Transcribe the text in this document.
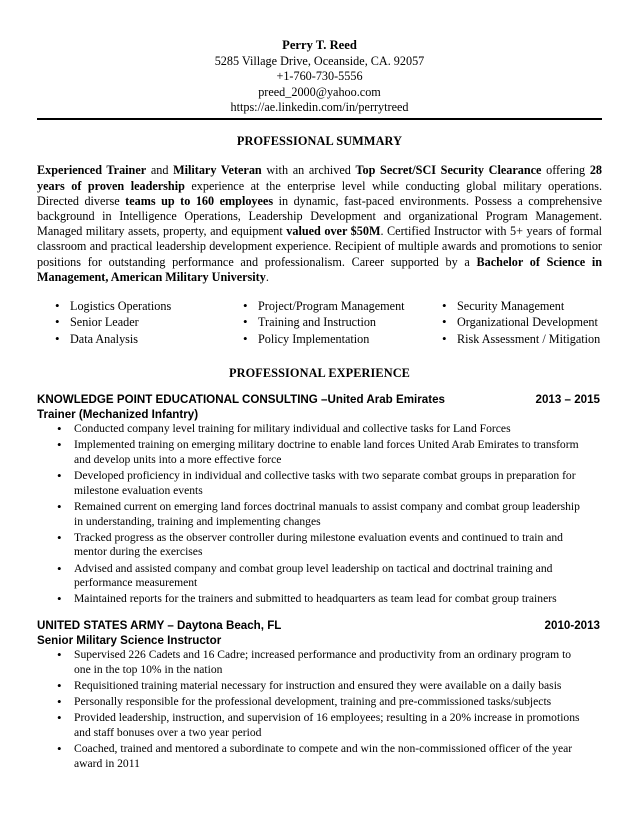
Perry T. Reed
5285 Village Drive, Oceanside, CA. 92057
+1-760-730-5556
preed_2000@yahoo.com
https://ae.linkedin.com/in/perrytreed
PROFESSIONAL SUMMARY
Experienced Trainer and Military Veteran with an archived Top Secret/SCI Security Clearance offering 28 years of proven leadership experience at the enterprise level while conducting global military operations. Directed diverse teams up to 160 employees in dynamic, fast-paced environments. Possess a comprehensive background in Intelligence Operations, Leadership Development and organizational Program Management. Managed military assets, property, and equipment valued over $50M. Certified Instructor with 5+ years of formal classroom and practical leadership development experience. Recipient of multiple awards and promotions to senior positions for outstanding performance and professionalism. Career supported by a Bachelor of Science in Management, American Military University.
• Logistics Operations
• Senior Leader
• Data Analysis
• Project/Program Management
• Training and Instruction
• Policy Implementation
• Security Management
• Organizational Development
• Risk Assessment / Mitigation
PROFESSIONAL EXPERIENCE
KNOWLEDGE POINT EDUCATIONAL CONSULTING –United Arab Emirates	2013 – 2015
Trainer (Mechanized Infantry)
• Conducted company level training for military individual and collective tasks for Land Forces
• Implemented training on emerging military doctrine to enable land forces United Arab Emirates to transform and develop units into a more effective force
• Developed proficiency in individual and collective tasks with two separate combat groups in preparation for milestone evaluation events
• Remained current on emerging land forces doctrinal manuals to assist company and combat group leadership in understanding, training and implementing changes
• Tracked progress as the observer controller during milestone evaluation events and continued to train and mentor during the exercises
• Advised and assisted company and combat group level leadership on tactical and doctrinal training and performance measurement
• Maintained reports for the trainers and submitted to headquarters as team lead for combat group trainers
UNITED STATES ARMY – Daytona Beach, FL	2010-2013
Senior Military Science Instructor
• Supervised 226 Cadets and 16 Cadre; increased performance and productivity from an ordinary program to one in the top 10% in the nation
• Requisitioned training material necessary for instruction and ensured they were available on a daily basis
• Personally responsible for the professional development, training and pre-commissioned tasks/subjects
• Provided leadership, instruction, and supervision of 16 employees; resulting in a 20% increase in promotions and staff bonuses over a two year period
• Coached, trained and mentored a subordinate to compete and win the non-commissioned officer of the year award in 2011
